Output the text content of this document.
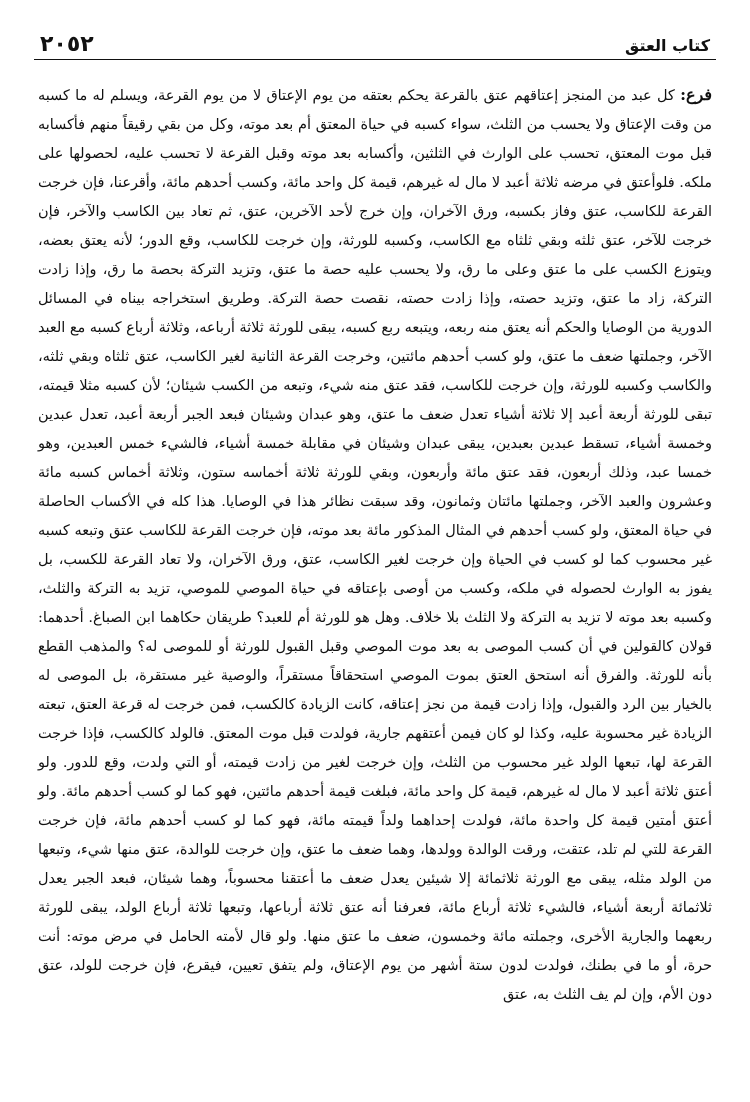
كتاب العتق
٢٠٥٢
فرع: كل عبد من المنجز إعتاقهم عتق بالقرعة يحكم بعتقه من يوم الإعتاق لا من يوم القرعة، ويسلم له ما كسبه من وقت الإعتاق ولا يحسب من الثلث، سواء كسبه في حياة المعتق أم بعد موته، وكل من بقي رقيقاً منهم فأكسابه قبل موت المعتق، تحسب على الوارث في الثلثين، وأكسابه بعد موته وقبل القرعة لا تحسب عليه، لحصولها على ملكه. فلوأعتق في مرضه ثلاثة أعبد لا مال له غيرهم، قيمة كل واحد مائة، وكسب أحدهم مائة، وأقرعنا، فإن خرجت القرعة للكاسب، عتق وفاز بكسبه، ورق الآخران، وإن خرج لأحد الآخرين، عتق، ثم تعاد بين الكاسب والآخر، فإن خرجت للآخر، عتق ثلثه وبقي ثلثاه مع الكاسب، وكسبه للورثة، وإن خرجت للكاسب، وقع الدور؛ لأنه يعتق بعضه، ويتوزع الكسب على ما عتق وعلى ما رق، ولا يحسب عليه حصة ما عتق، وتزيد التركة بحصة ما رق، وإذا زادت التركة، زاد ما عتق، وتزيد حصته، وإذا زادت حصته، نقصت حصة التركة. وطريق استخراجه بيناه في المسائل الدورية من الوصايا والحكم أنه يعتق منه ربعه، ويتبعه ربع كسبه، يبقى للورثة ثلاثة أرباعه، وثلاثة أرباع كسبه مع العبد الآخر، وجملتها ضعف ما عتق، ولو كسب أحدهم مائتين، وخرجت القرعة الثانية لغير الكاسب، عتق ثلثاه وبقي ثلثه، والكاسب وكسبه للورثة، وإن خرجت للكاسب، فقد عتق منه شيء، وتبعه من الكسب شيئان؛ لأن كسبه مثلا قيمته، تبقى للورثة أربعة أعبد إلا ثلاثة أشياء تعدل ضعف ما عتق، وهو عبدان وشيئان فبعد الجبر أربعة أعبد، تعدل عبدين وخمسة أشياء، تسقط عبدين بعبدين، يبقى عبدان وشيئان في مقابلة خمسة أشياء، فالشيء خمس العبدين، وهو خمسا عبد، وذلك أربعون، فقد عتق مائة وأربعون، وبقي للورثة ثلاثة أخماسه ستون، وثلاثة أخماس كسبه مائة وعشرون والعبد الآخر، وجملتها مائتان وثمانون، وقد سبقت نظائر هذا في الوصايا. هذا كله في الأكساب الحاصلة في حياة المعتق، ولو كسب أحدهم في المثال المذكور مائة بعد موته، فإن خرجت القرعة للكاسب عتق وتبعه كسبه غير محسوب كما لو كسب في الحياة وإن خرجت لغير الكاسب، عتق، ورق الآخران، ولا تعاد القرعة للكسب، بل يفوز به الوارث لحصوله في ملكه، وكسب من أوصى بإعتاقه في حياة الموصي للموصي، تزيد به التركة والثلث، وكسبه بعد موته لا تزيد به التركة ولا الثلث بلا خلاف. وهل هو للورثة أم للعبد؟ طريقان حكاهما ابن الصباغ. أحدهما: قولان كالقولين في أن كسب الموصى به بعد موت الموصي وقبل القبول للورثة أو للموصى له؟ والمذهب القطع بأنه للورثة. والفرق أنه استحق العتق بموت الموصي استحقاقاً مستقراً، والوصية غير مستقرة، بل الموصى له بالخيار بين الرد والقبول، وإذا زادت قيمة من نجز إعتاقه، كانت الزيادة كالكسب، فمن خرجت له قرعة العتق، تبعته الزيادة غير محسوبة عليه، وكذا لو كان فيمن أعتقهم جارية، فولدت قبل موت المعتق. فالولد كالكسب، فإذا خرجت القرعة لها، تبعها الولد غير محسوب من الثلث، وإن خرجت لغير من زادت قيمته، أو التي ولدت، وقع للدور. ولو أعتق ثلاثة أعبد لا مال له غيرهم، قيمة كل واحد مائة، فبلغت قيمة أحدهم مائتين، فهو كما لو كسب أحدهم مائة. ولو أعتق أمتين قيمة كل واحدة مائة، فولدت إحداهما ولداً قيمته مائة، فهو كما لو كسب أحدهم مائة، فإن خرجت القرعة للتي لم تلد، عتقت، ورقت الوالدة وولدها، وهما ضعف ما عتق، وإن خرجت للوالدة، عتق منها شيء، وتبعها من الولد مثله، يبقى مع الورثة ثلاثمائة إلا شيئين يعدل ضعف ما أعتقنا محسوباً، وهما شيئان، فبعد الجبر يعدل ثلاثمائة أربعة أشياء، فالشيء ثلاثة أرباع مائة، فعرفنا أنه عتق ثلاثة أرباعها، وتبعها ثلاثة أرباع الولد، يبقى للورثة ربعهما والجارية الأخرى، وجملته مائة وخمسون، ضعف ما عتق منها. ولو قال لأمته الحامل في مرض موته: أنت حرة، أو ما في بطنك، فولدت لدون ستة أشهر من يوم الإعتاق، ولم يتفق تعيين، فيقرع، فإن خرجت للولد، عتق دون الأم، وإن لم يف الثلث به، عتق
